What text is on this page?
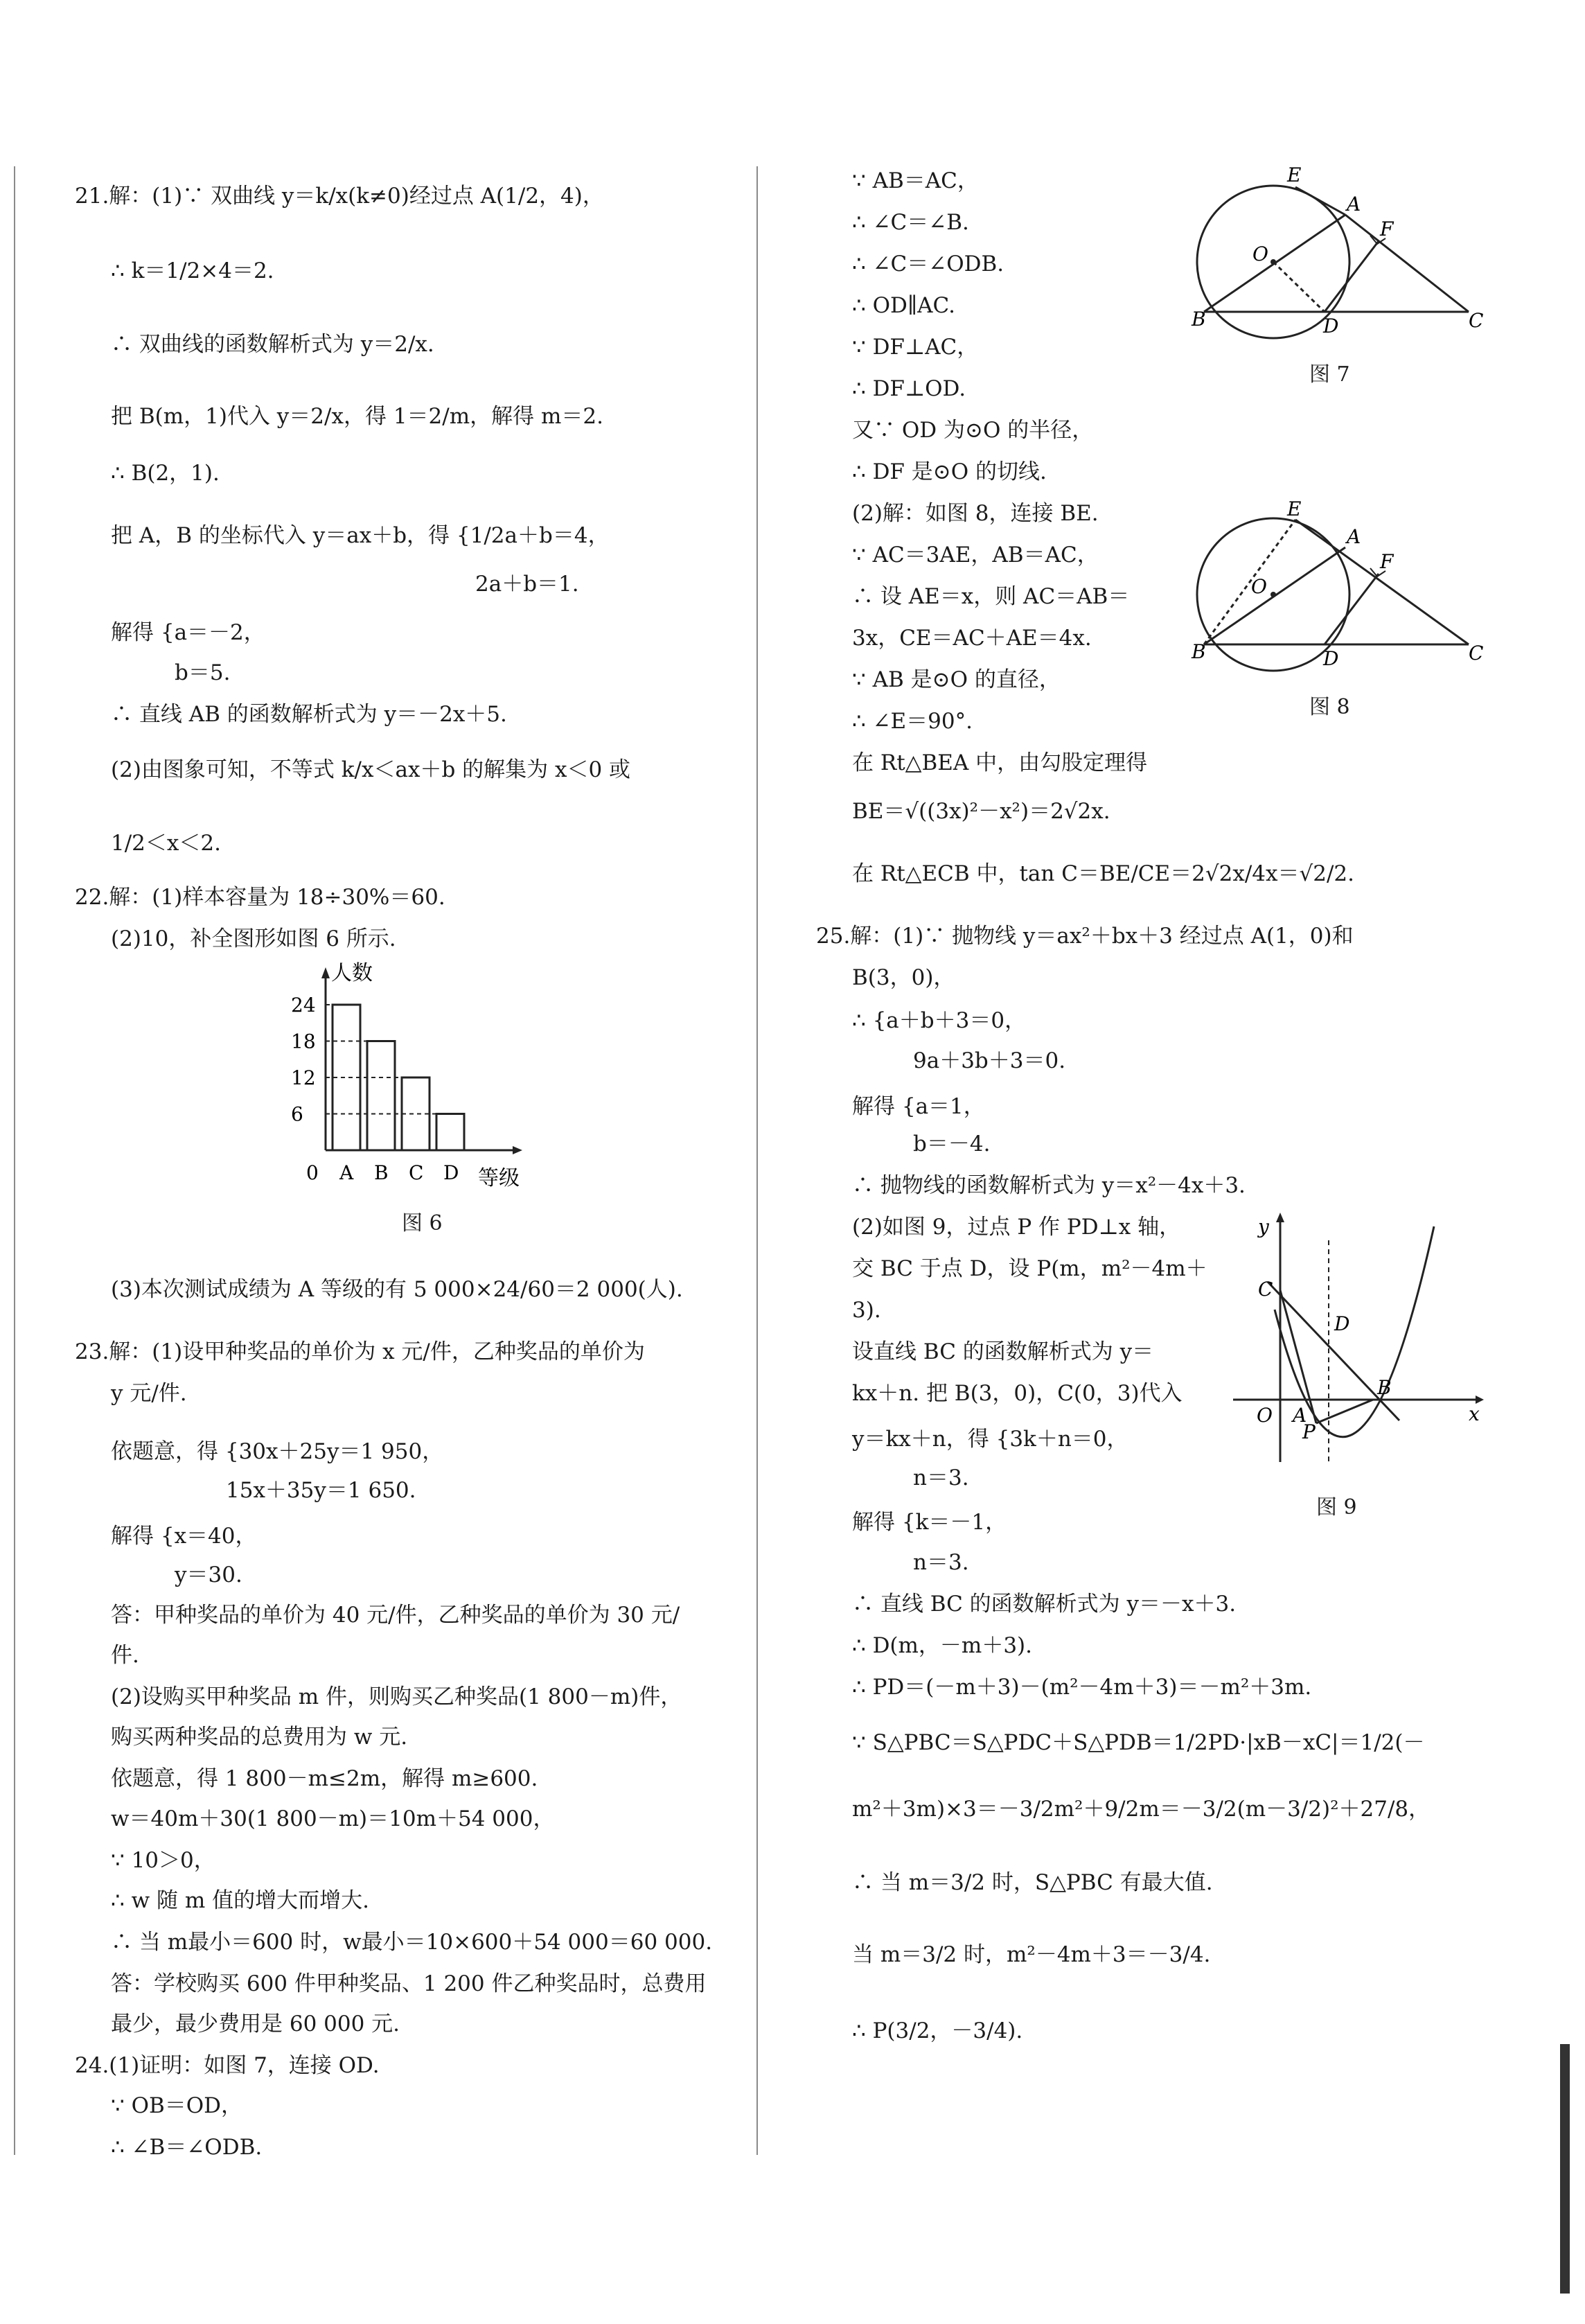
21.解：(1)∵ 双曲线 y＝k/x(k≠0)经过点 A(1/2，4)，
∴ k＝1/2×4＝2.
∴ 双曲线的函数解析式为 y＝2/x.
把 B(m，1)代入 y＝2/x，得 1＝2/m，解得 m＝2.
∴ B(2，1).
把 A，B 的坐标代入 y＝ax＋b，得 {1/2a＋b＝4，
2a＋b＝1.
解得 {a＝－2，
b＝5.
∴ 直线 AB 的函数解析式为 y＝－2x＋5.
(2)由图象可知，不等式 k/x＜ax＋b 的解集为 x＜0 或
1/2＜x＜2.
22.解：(1)样本容量为 18÷30%＝60.
(2)10，补全图形如图 6 所示.
人数
等级
0
24
18
12
6
A B C D
图 6
(3)本次测试成绩为 A 等级的有 5 000×24/60＝2 000(人).
23.解：(1)设甲种奖品的单价为 x 元/件，乙种奖品的单价为
y 元/件.
依题意，得 {30x＋25y＝1 950，
15x＋35y＝1 650.
解得 {x＝40，
y＝30.
答：甲种奖品的单价为 40 元/件，乙种奖品的单价为 30 元/
件.
(2)设购买甲种奖品 m 件，则购买乙种奖品(1 800－m)件，
购买两种奖品的总费用为 w 元.
依题意，得 1 800－m≤2m，解得 m≥600.
w＝40m＋30(1 800－m)＝10m＋54 000，
∵ 10＞0，
∴ w 随 m 值的增大而增大.
∴ 当 m最小＝600 时，w最小＝10×600＋54 000＝60 000.
答：学校购买 600 件甲种奖品、1 200 件乙种奖品时，总费用
最少，最少费用是 60 000 元.
24.(1)证明：如图 7，连接 OD.
∵ OB＝OD，
∴ ∠B＝∠ODB.
∵ AB＝AC，
∴ ∠C＝∠B.
∴ ∠C＝∠ODB.
∴ OD∥AC.
∵ DF⊥AC，
∴ DF⊥OD.
又∵ OD 为⊙O 的半径，
∴ DF 是⊙O 的切线.
(2)解：如图 8，连接 BE.
∵ AC＝3AE，AB＝AC，
∴ 设 AE＝x，则 AC＝AB＝
3x，CE＝AC＋AE＝4x.
∵ AB 是⊙O 的直径，
∴ ∠E＝90°.
在 Rt△BEA 中，由勾股定理得
BE＝√((3x)²－x²)＝2√2x.
在 Rt△ECB 中，tan C＝BE/CE＝2√2x/4x＝√2/2.
25.解：(1)∵ 抛物线 y＝ax²＋bx＋3 经过点 A(1，0)和
B(3，0)，
∴ {a＋b＋3＝0，
9a＋3b＋3＝0.
解得 {a＝1，
b＝－4.
∴ 抛物线的函数解析式为 y＝x²－4x＋3.
(2)如图 9，过点 P 作 PD⊥x 轴，
交 BC 于点 D，设 P(m，m²－4m＋
3).
设直线 BC 的函数解析式为 y＝
kx＋n. 把 B(3，0)，C(0，3)代入
y＝kx＋n，得 {3k＋n＝0，
n＝3.
解得 {k＝－1，
n＝3.
∴ 直线 BC 的函数解析式为 y＝－x＋3.
∴ D(m，－m＋3).
∴ PD＝(－m＋3)－(m²－4m＋3)＝－m²＋3m.
∵ S△PBC＝S△PDC＋S△PDB＝1/2PD·|xB－xC|＝1/2(－
m²＋3m)×3＝－3/2m²＋9/2m＝－3/2(m－3/2)²＋27/8，
∴ 当 m＝3/2 时，S△PBC 有最大值.
当 m＝3/2 时，m²－4m＋3＝－3/4.
∴ P(3/2，－3/4).
E
A
F
O
B	D	C
图 7
E
A
F
O
B	D	C
图 8
y
C
D
O A
P
B
x
图 9
